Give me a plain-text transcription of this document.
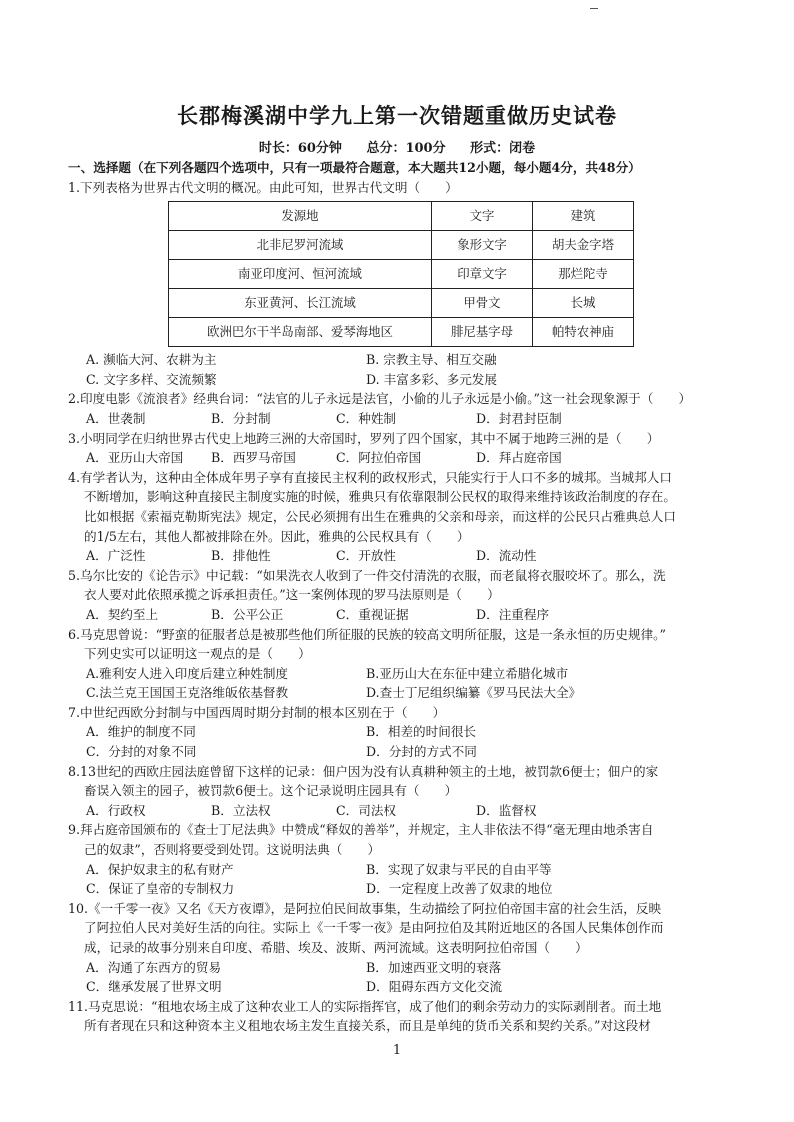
长郡梅溪湖中学九上第一次错题重做历史试卷
时长：60分钟 总分：100分 形式：闭卷
一、选择题（在下列各题四个选项中，只有一项最符合题意，本大题共12小题，每小题4分，共48分）
1.下列表格为世界古代文明的概况。由此可知，世界古代文明（　　）
发源地	文字	建筑
北非尼罗河流域	象形文字	胡夫金字塔
南亚印度河、恒河流域	印章文字	那烂陀寺
东亚黄河、长江流域	甲骨文	长城
欧洲巴尔干半岛南部、爱琴海地区	腓尼基字母	帕特农神庙
A. 濒临大河、农耕为主	B. 宗教主导、相互交融
C. 文字多样、交流频繁	D. 丰富多彩、多元发展
2.印度电影《流浪者》经典台词：“法官的儿子永远是法官，小偷的儿子永远是小偷。”这一社会现象源于（　　）
A．世袭制	B．分封制	C．种姓制	D．封君封臣制
3.小明同学在归纳世界古代史上地跨三洲的大帝国时，罗列了四个国家，其中不属于地跨三洲的是（　　）
A．亚历山大帝国	B．西罗马帝国	C．阿拉伯帝国	D．拜占庭帝国
4.有学者认为，这种由全体成年男子享有直接民主权利的政权形式，只能实行于人口不多的城邦。当城邦人口
不断增加，影响这种直接民主制度实施的时候，雅典只有依靠限制公民权的取得来维持该政治制度的存在。
比如根据《索福克勒斯宪法》规定，公民必须拥有出生在雅典的父亲和母亲，而这样的公民只占雅典总人口
的1/5左右，其他人都被排除在外。因此，雅典的公民权具有（　　）
A．广泛性	B．排他性	C．开放性	D．流动性
5.乌尔比安的《论告示》中记载：“如果洗衣人收到了一件交付清洗的衣服，而老鼠将衣服咬坏了。那么，洗
衣人要对此依照承揽之诉承担责任。”这一案例体现的罗马法原则是（　　）
A．契约至上	B．公平公正	C．重视证据	D．注重程序
6.马克思曾说：“野蛮的征服者总是被那些他们所征服的民族的较高文明所征服，这是一条永恒的历史规律。”
下列史实可以证明这一观点的是（　　）
A.雅利安人进入印度后建立种姓制度	B.亚历山大在东征中建立希腊化城市
C.法兰克王国国王克洛维皈依基督教	D.查士丁尼组织编纂《罗马民法大全》
7.中世纪西欧分封制与中国西周时期分封制的根本区别在于（　　）
A．维护的制度不同	B．相差的时间很长
C．分封的对象不同	D．分封的方式不同
8.13世纪的西欧庄园法庭曾留下这样的记录：佃户因为没有认真耕种领主的土地，被罚款6便士；佃户的家
畜误入领主的园子，被罚款6便士。这个记录说明庄园具有（　　）
A．行政权	B．立法权	C．司法权	D．监督权
9.拜占庭帝国颁布的《查士丁尼法典》中赞成“释奴的善举”，并规定，主人非依法不得“毫无理由地杀害自
己的奴隶”，否则将要受到处罚。这说明法典（　　）
A．保护奴隶主的私有财产	B．实现了奴隶与平民的自由平等
C．保证了皇帝的专制权力	D．一定程度上改善了奴隶的地位
10.《一千零一夜》又名《天方夜谭》，是阿拉伯民间故事集，生动描绘了阿拉伯帝国丰富的社会生活，反映
了阿拉伯人民对美好生活的向往。实际上《一千零一夜》是由阿拉伯及其附近地区的各国人民集体创作而
成，记录的故事分别来自印度、希腊、埃及、波斯、两河流域。这表明阿拉伯帝国（　　）
A．沟通了东西方的贸易	B．加速西亚文明的衰落
C．继承发展了世界文明	D．阻碍东西方文化交流
11.马克思说：“租地农场主成了这种农业工人的实际指挥官，成了他们的剩余劳动力的实际剥削者。而土地
所有者现在只和这种资本主义租地农场主发生直接关系，而且是单纯的货币关系和契约关系。”对这段材
1
